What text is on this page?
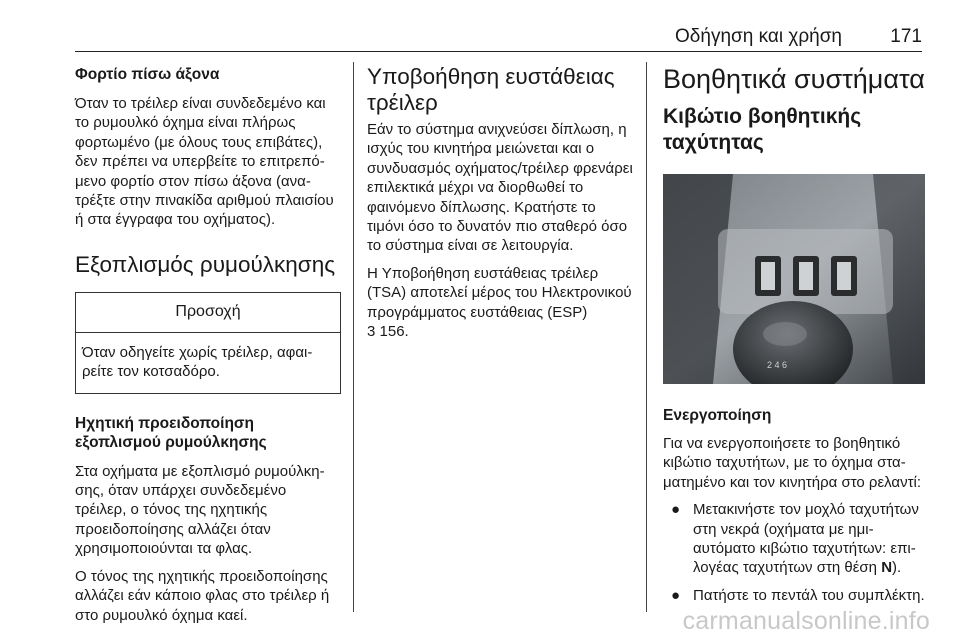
Οδήγηση και χρήση	171
Φορτίο πίσω άξονα

Όταν το τρέιλερ είναι συνδεδεμένο και το ρυμουλκό όχημα είναι πλήρως φορτωμένο (με όλους τους επιβάτες), δεν πρέπει να υπερβείτε το επιτρεπόμενο φορτίο στον πίσω άξονα (ανατρέξτε στην πινακίδα αριθμού πλαισίου ή στα έγγραφα του οχήματος).

Εξοπλισμός ρυμούλκησης
Προσοχή
Όταν οδηγείτε χωρίς τρέιλερ, αφαιρείτε τον κοτσαδόρο.
Ηχητική προειδοποίηση εξοπλισμού ρυμούλκησης

Στα οχήματα με εξοπλισμό ρυμούλκησης, όταν υπάρχει συνδεδεμένο τρέιλερ, ο τόνος της ηχητικής προειδοποίησης αλλάζει όταν χρησιμοποιούνται τα φλας.

Ο τόνος της ηχητικής προειδοποίησης αλλάζει εάν κάποιο φλας στο τρέιλερ ή στο ρυμουλκό όχημα καεί.

Υποβοήθηση ευστάθειας τρέιλερ

Εάν το σύστημα ανιχνεύσει δίπλωση, η ισχύς του κινητήρα μειώνεται και ο συνδυασμός οχήματος/τρέιλερ φρενάρει επιλεκτικά μέχρι να διορθωθεί το φαινόμενο δίπλωσης. Κρατήστε το τιμόνι όσο το δυνατόν πιο σταθερό όσο το σύστημα είναι σε λειτουργία.

Η Υποβοήθηση ευστάθειας τρέιλερ (TSA) αποτελεί μέρος του Ηλεκτρονικού προγράμματος ευστάθειας (ESP)

3 156.

Βοηθητικά συστήματα
Κιβώτιο βοηθητικής ταχύτητας
2 4 6
Ενεργοποίηση

Για να ενεργοποιήσετε το βοηθητικό κιβώτιο ταχυτήτων, με το όχημα σταματημένο και τον κινητήρα στο ρελαντί:

● Μετακινήστε τον μοχλό ταχυτήτων στη νεκρά (οχήματα με ημιαυτόματο κιβώτιο ταχυτήτων: επιλογέας ταχυτήτων στη θέση N).
● Πατήστε το πεντάλ του συμπλέκτη.
carmanualsonline.info
